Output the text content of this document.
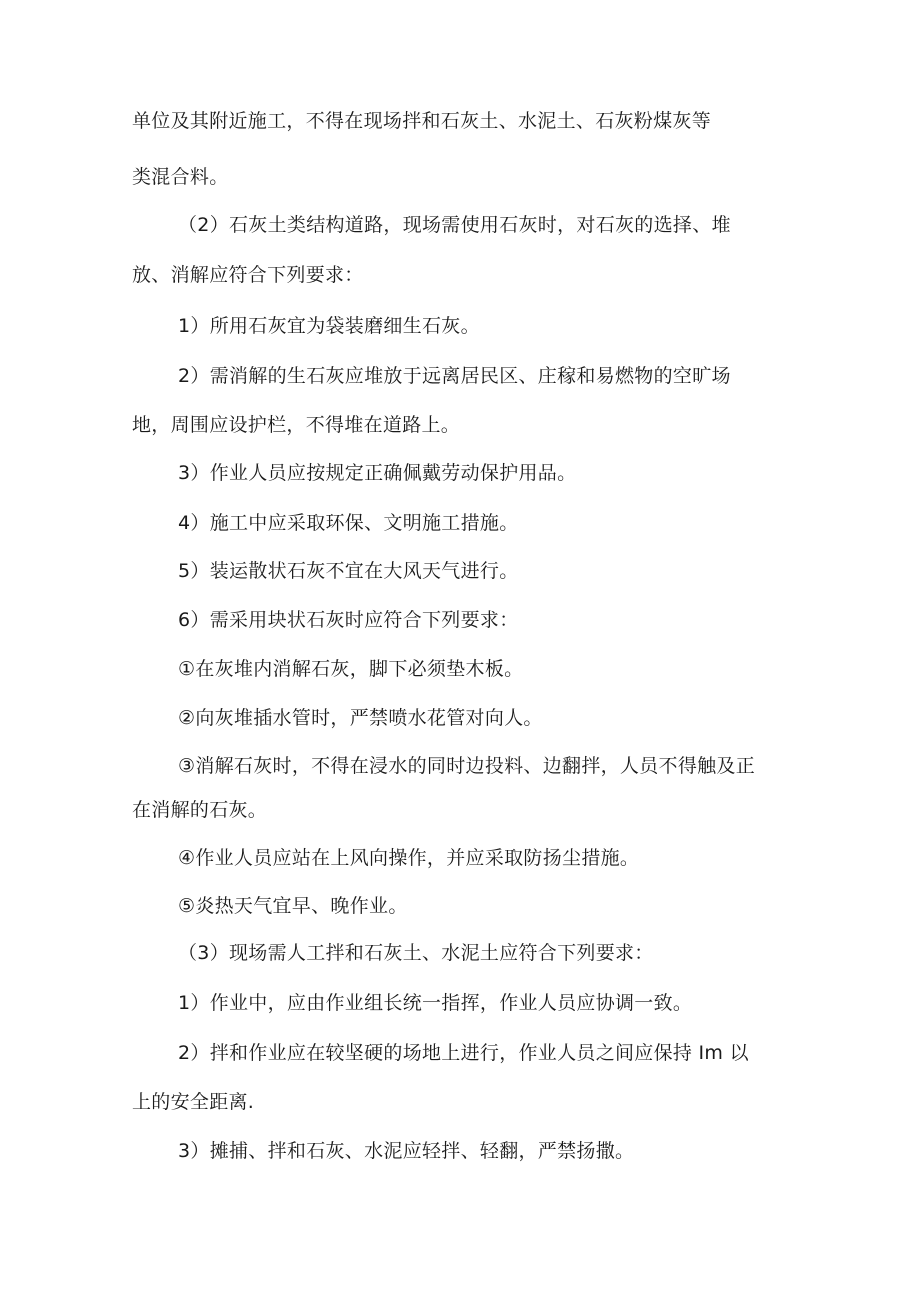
单位及其附近施工，不得在现场拌和石灰土、水泥土、石灰粉煤灰等
类混合料。
（2）石灰土类结构道路，现场需使用石灰时，对石灰的选择、堆
放、消解应符合下列要求：
1）所用石灰宜为袋装磨细生石灰。
2）需消解的生石灰应堆放于远离居民区、庄稼和易燃物的空旷场
地，周围应设护栏，不得堆在道路上。
3）作业人员应按规定正确佩戴劳动保护用品。
4）施工中应采取环保、文明施工措施。
5）装运散状石灰不宜在大风天气进行。
6）需采用块状石灰时应符合下列要求：
①在灰堆内消解石灰，脚下必须垫木板。
②向灰堆插水管时，严禁喷水花管对向人。
③消解石灰时，不得在浸水的同时边投料、边翻拌，人员不得触及正
在消解的石灰。
④作业人员应站在上风向操作，并应采取防扬尘措施。
⑤炎热天气宜早、晚作业。
（3）现场需人工拌和石灰土、水泥土应符合下列要求：
1）作业中，应由作业组长统一指挥，作业人员应协调一致。
2）拌和作业应在较坚硬的场地上进行，作业人员之间应保持 Im 以
上的安全距离.
3）摊捕、拌和石灰、水泥应轻拌、轻翻，严禁扬撒。
